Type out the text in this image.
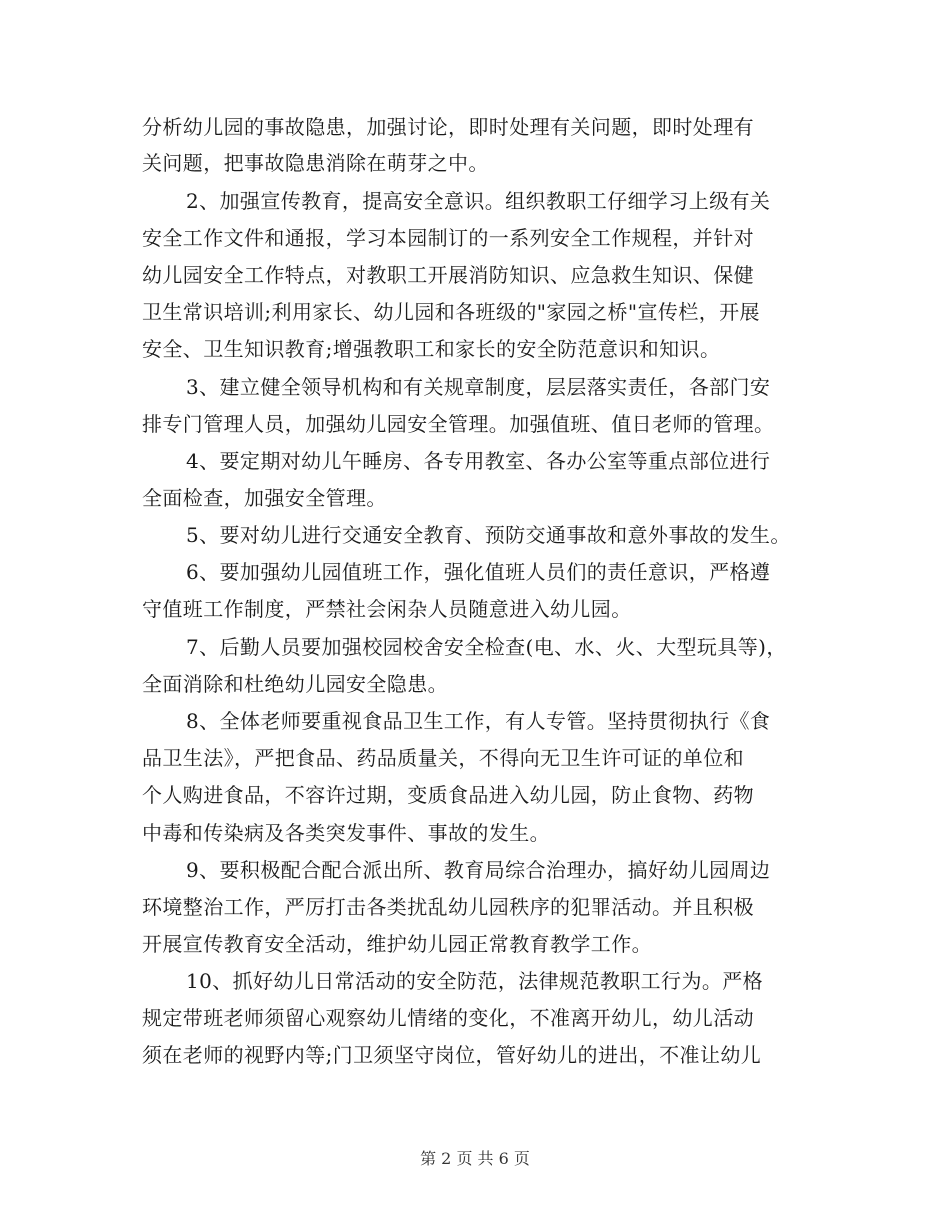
分析幼儿园的事故隐患，加强讨论，即时处理有关问题，即时处理有
关问题，把事故隐患消除在萌芽之中。
2、加强宣传教育，提高安全意识。组织教职工仔细学习上级有关
安全工作文件和通报，学习本园制订的一系列安全工作规程，并针对
幼儿园安全工作特点，对教职工开展消防知识、应急救生知识、保健
卫生常识培训;利用家长、幼儿园和各班级的"家园之桥"宣传栏，开展
安全、卫生知识教育;增强教职工和家长的安全防范意识和知识。
3、建立健全领导机构和有关规章制度，层层落实责任，各部门安
排专门管理人员，加强幼儿园安全管理。加强值班、值日老师的管理。
4、要定期对幼儿午睡房、各专用教室、各办公室等重点部位进行
全面检查，加强安全管理。
5、要对幼儿进行交通安全教育、预防交通事故和意外事故的发生。
6、要加强幼儿园值班工作，强化值班人员们的责任意识，严格遵
守值班工作制度，严禁社会闲杂人员随意进入幼儿园。
7、后勤人员要加强校园校舍安全检查(电、水、火、大型玩具等)，
全面消除和杜绝幼儿园安全隐患。
8、全体老师要重视食品卫生工作，有人专管。坚持贯彻执行《食
品卫生法》，严把食品、药品质量关，不得向无卫生许可证的单位和
个人购进食品，不容许过期，变质食品进入幼儿园，防止食物、药物
中毒和传染病及各类突发事件、事故的发生。
9、要积极配合配合派出所、教育局综合治理办，搞好幼儿园周边
环境整治工作，严厉打击各类扰乱幼儿园秩序的犯罪活动。并且积极
开展宣传教育安全活动，维护幼儿园正常教育教学工作。
10、抓好幼儿日常活动的安全防范，法律规范教职工行为。严格
规定带班老师须留心观察幼儿情绪的变化，不准离开幼儿，幼儿活动
须在老师的视野内等;门卫须坚守岗位，管好幼儿的进出，不准让幼儿
第 2 页 共 6 页
